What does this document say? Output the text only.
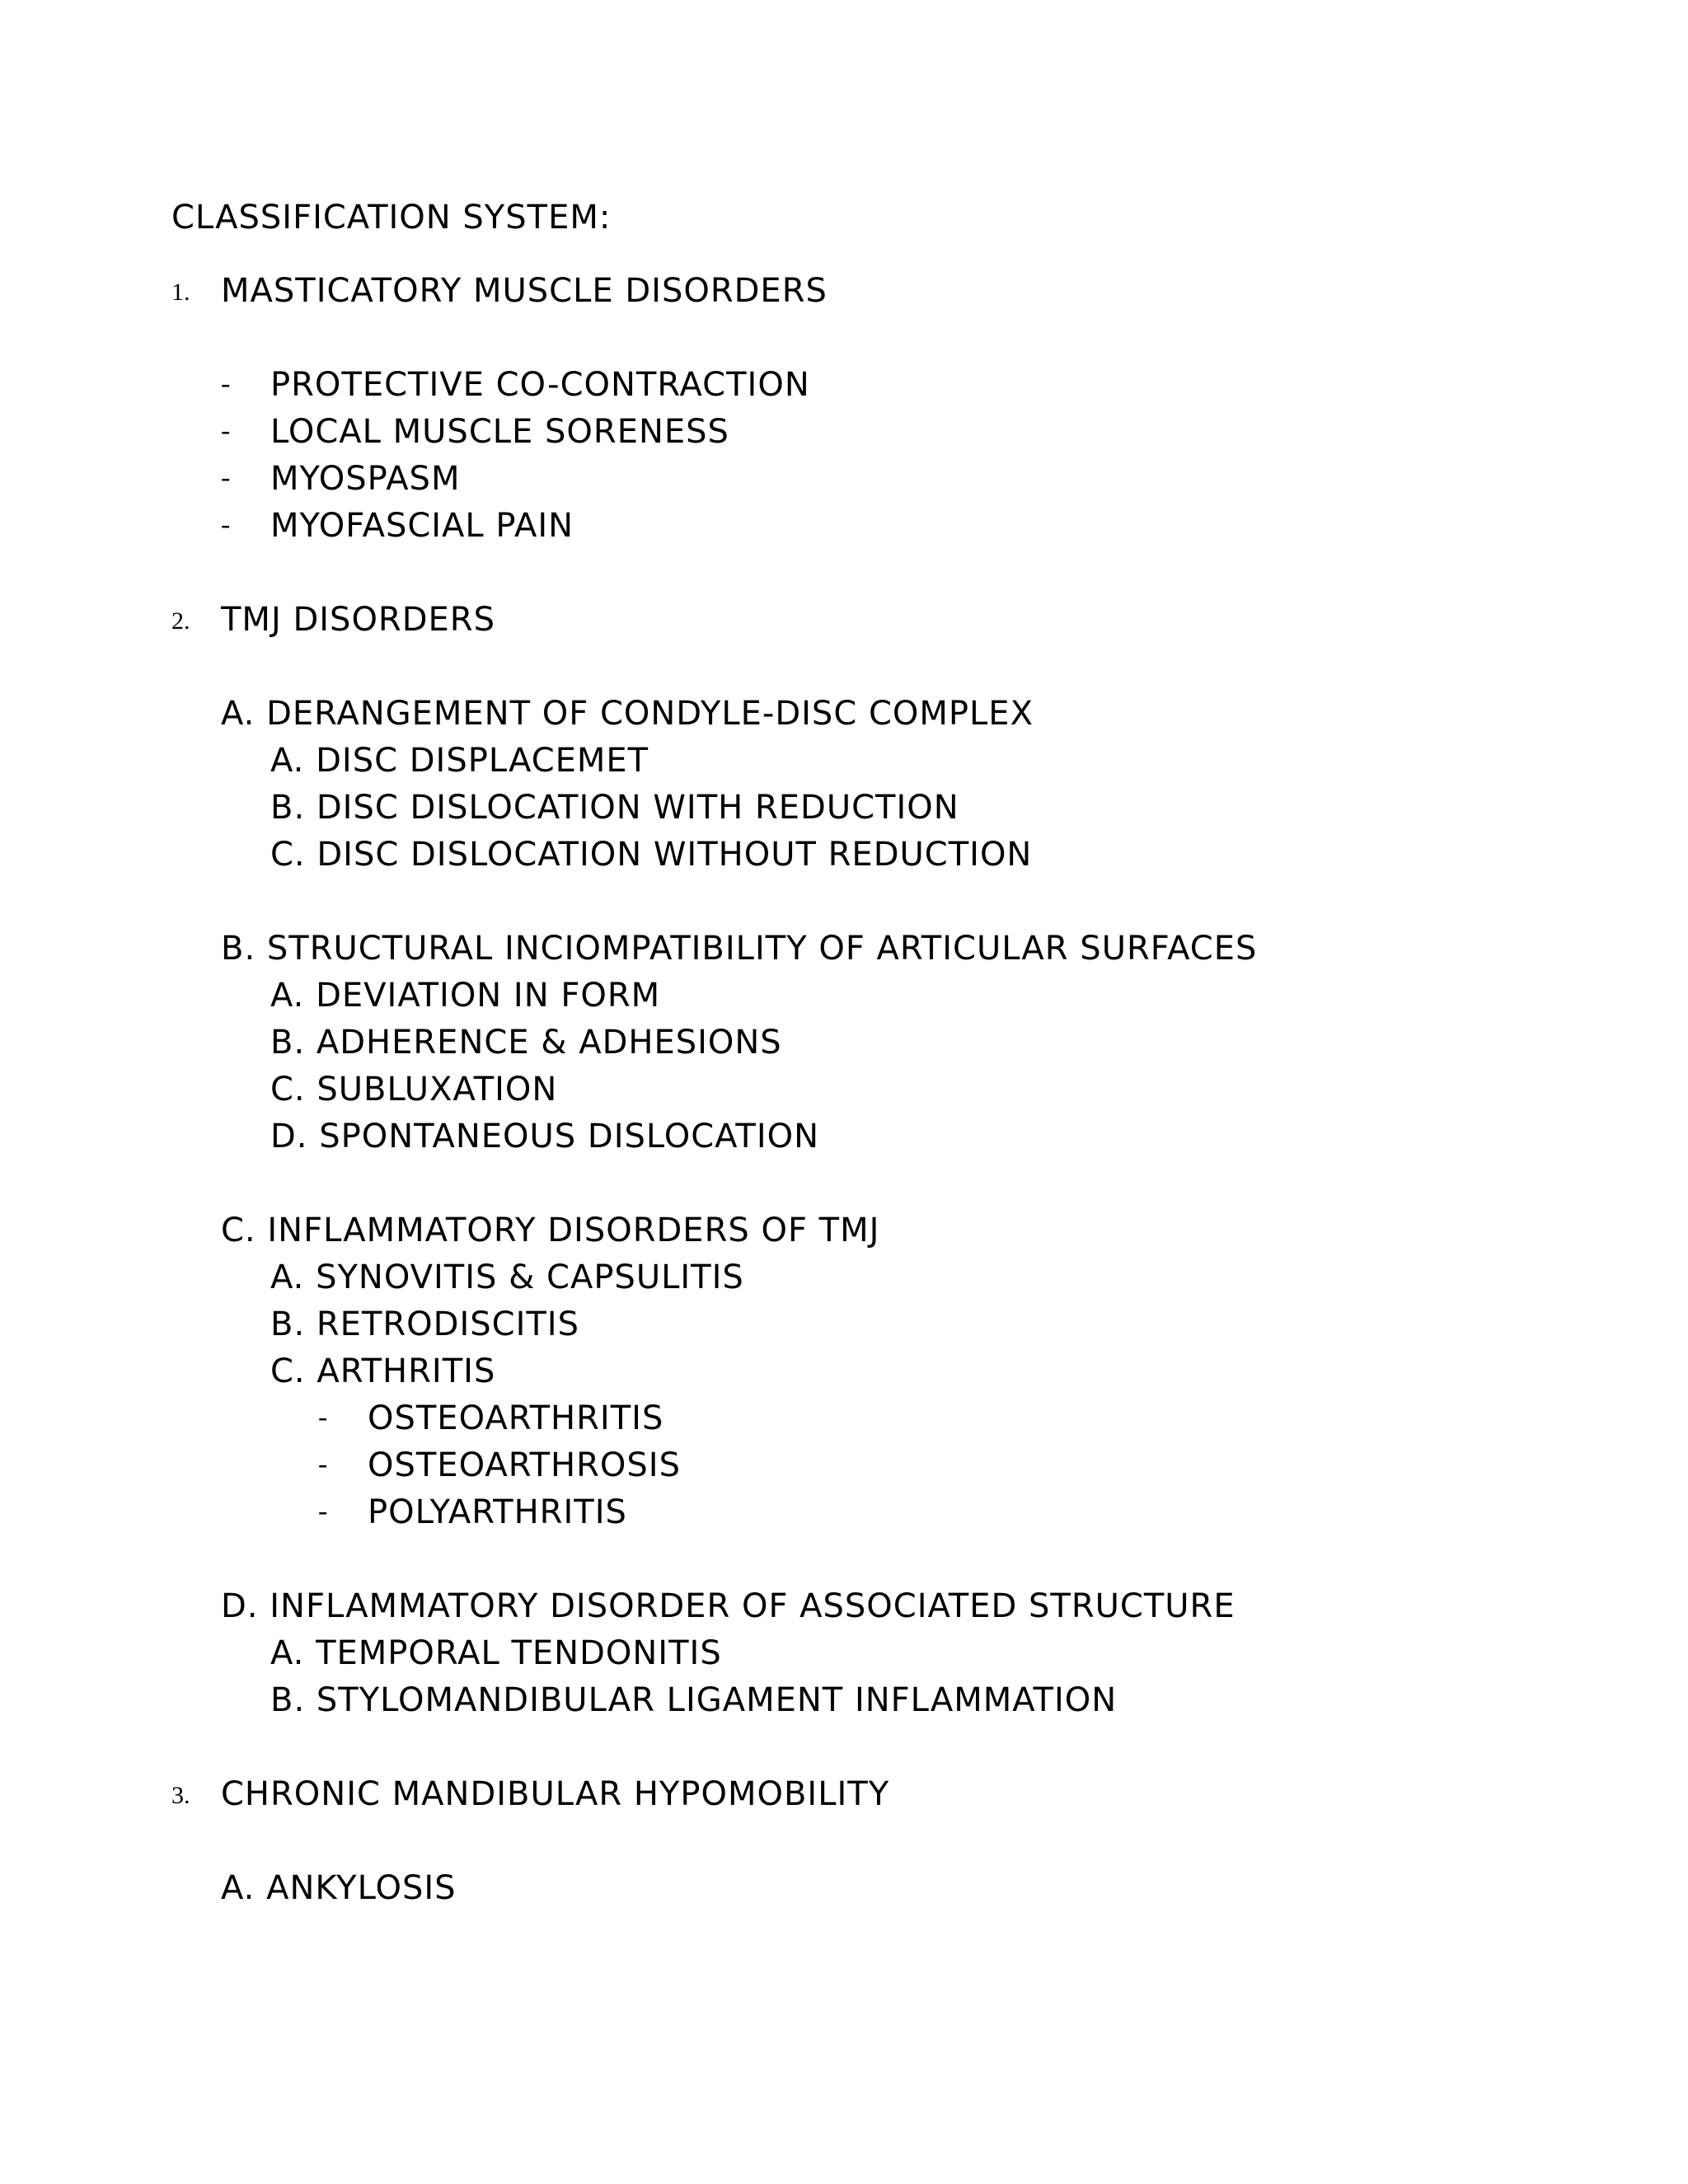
CLASSIFICATION SYSTEM:
1. MASTICATORY MUSCLE DISORDERS
- PROTECTIVE CO-CONTRACTION
- LOCAL MUSCLE SORENESS
- MYOSPASM
- MYOFASCIAL PAIN
2. TMJ DISORDERS
A. DERANGEMENT OF CONDYLE-DISC COMPLEX
A. DISC DISPLACEMET
B. DISC DISLOCATION WITH REDUCTION
C. DISC DISLOCATION WITHOUT REDUCTION
B. STRUCTURAL INCIOMPATIBILITY OF ARTICULAR SURFACES
A. DEVIATION IN FORM
B. ADHERENCE & ADHESIONS
C. SUBLUXATION
D. SPONTANEOUS DISLOCATION
C. INFLAMMATORY DISORDERS OF TMJ
A. SYNOVITIS & CAPSULITIS
B. RETRODISCITIS
C. ARTHRITIS
- OSTEOARTHRITIS
- OSTEOARTHROSIS
- POLYARTHRITIS
D. INFLAMMATORY DISORDER OF ASSOCIATED STRUCTURE
A. TEMPORAL TENDONITIS
B. STYLOMANDIBULAR LIGAMENT INFLAMMATION
3. CHRONIC MANDIBULAR HYPOMOBILITY
A. ANKYLOSIS
